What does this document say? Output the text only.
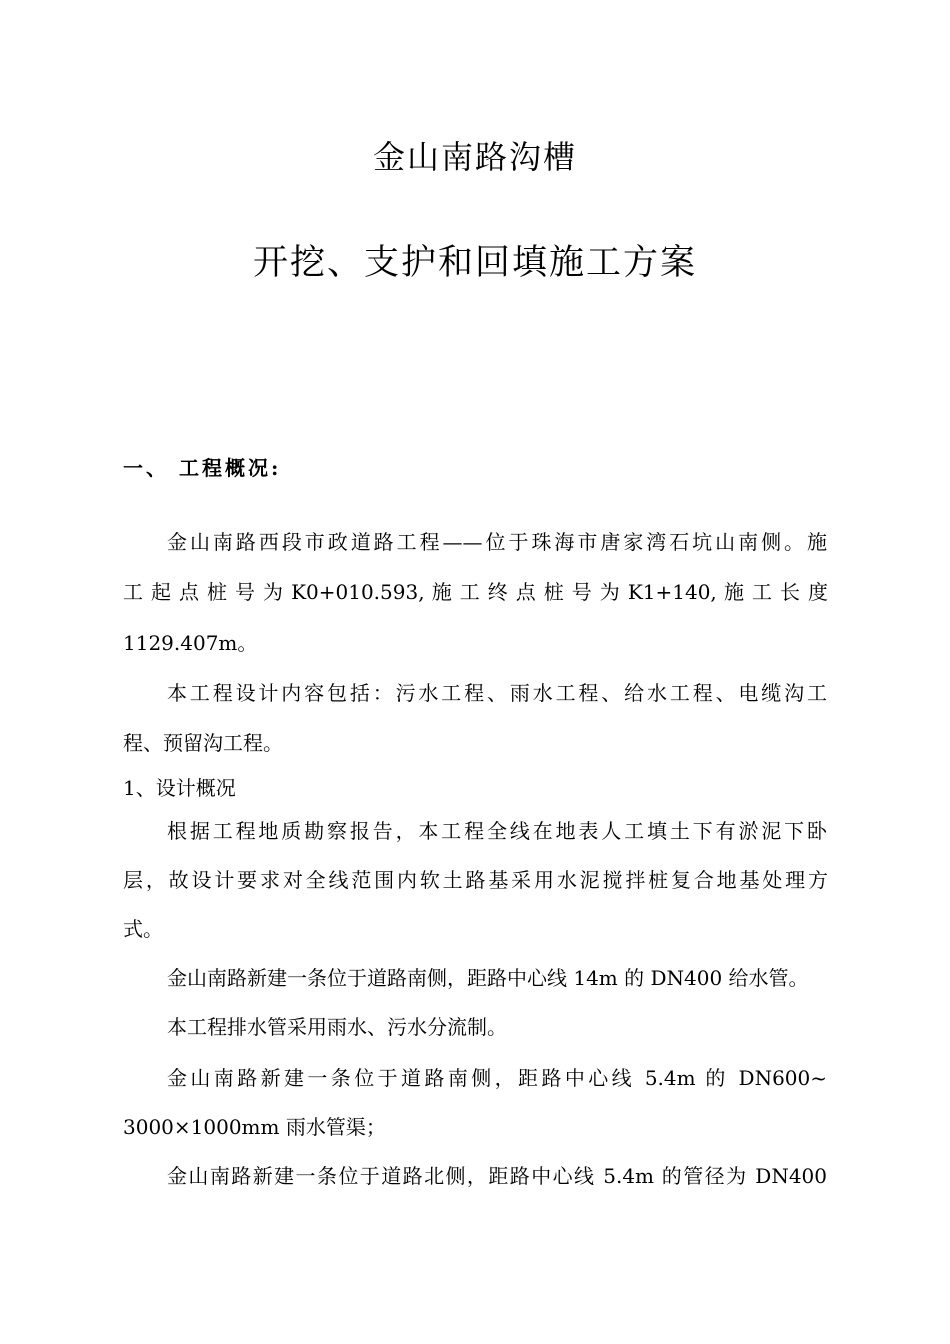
金山南路沟槽
开挖、支护和回填施工方案
一、 工程概况:
金山南路西段市政道路工程——位于珠海市唐家湾石坑山南侧。施
工 起 点 桩 号 为 K0+010.593, 施 工 终 点 桩 号 为 K1+140, 施 工 长 度
1129.407m。
本工程设计内容包括：污水工程、雨水工程、给水工程、电缆沟工
程、预留沟工程。
1、设计概况
根据工程地质勘察报告，本工程全线在地表人工填土下有淤泥下卧
层，故设计要求对全线范围内软土路基采用水泥搅拌桩复合地基处理方
式。
金山南路新建一条位于道路南侧，距路中心线 14m 的 DN400 给水管。
本工程排水管采用雨水、污水分流制。
金山南路新建一条位于道路南侧，距路中心线 5.4m 的 DN600~
3000×1000mm 雨水管渠；
金山南路新建一条位于道路北侧，距路中心线 5.4m 的管径为 DN400
